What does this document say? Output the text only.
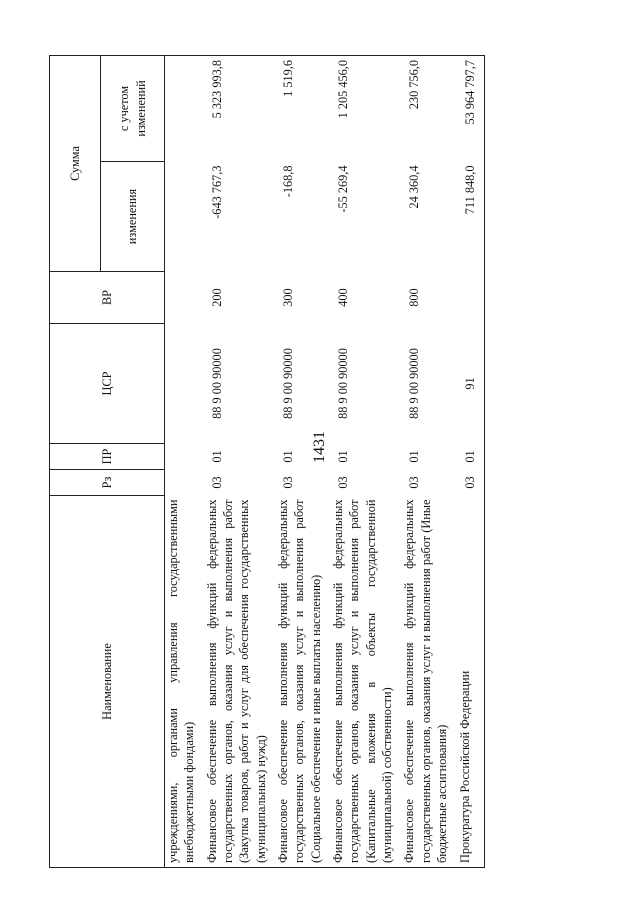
1431
Наименование	Рз	ПР	ЦСР	ВР	Сумма	
					изменения	с учетом изменений
учреждениями, органами управления государственными внебюджетными фондами)						
Финансовое обеспечение выполнения функций федеральных государственных органов, оказания услуг и выполнения работ (Закупка товаров, работ и услуг для обеспечения государственных (муниципальных) нужд)	03	01	88 9 00 90000	200	-643 767,3	5 323 993,8
Финансовое обеспечение выполнения функций федеральных государственных органов, оказания услуг и выполнения работ (Социальное обеспечение и иные выплаты населению)	03	01	88 9 00 90000	300	-168,8	1 519,6
Финансовое обеспечение выполнения функций федеральных государственных органов, оказания услуг и выполнения работ (Капитальные вложения в объекты государственной (муниципальной) собственности)	03	01	88 9 00 90000	400	-55 269,4	1 205 456,0
Финансовое обеспечение выполнения функций федеральных государственных органов, оказания услуг и выполнения работ (Иные бюджетные ассигнования)	03	01	88 9 00 90000	800	24 360,4	230 756,0
Прокуратура Российской Федерации	03	01	91		711 848,0	53 964 797,7
